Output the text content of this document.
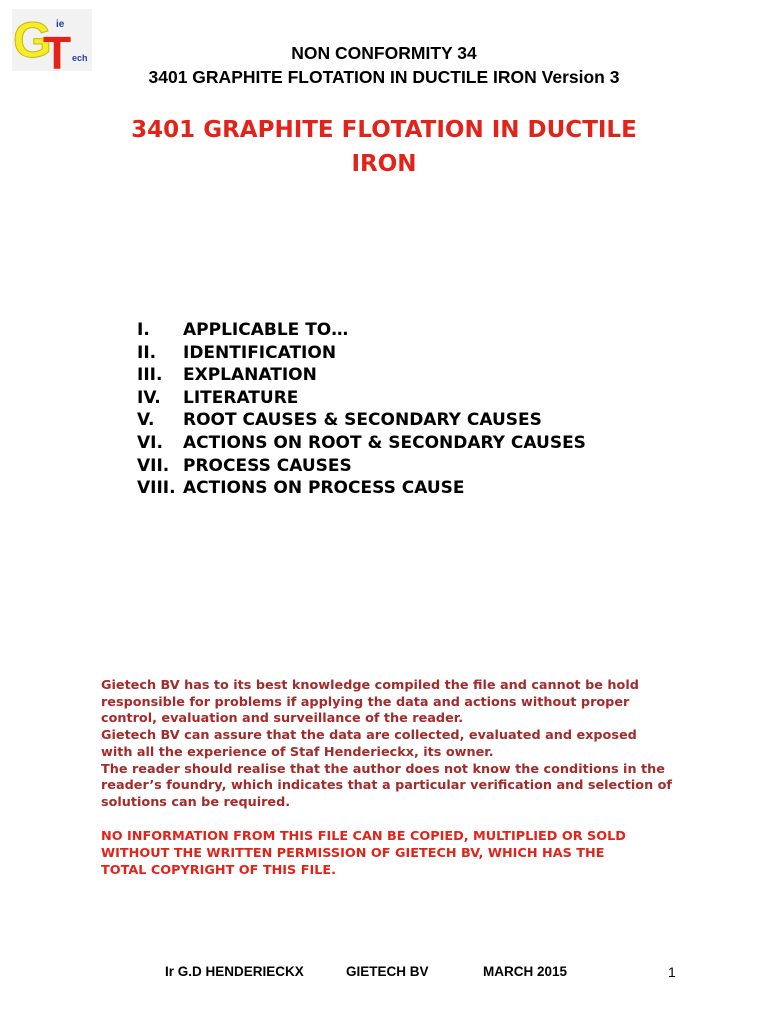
G
T
ie
ech	NON CONFORMITY 34
3401 GRAPHITE FLOTATION IN DUCTILE IRON Version 3
3401 GRAPHITE FLOTATION IN DUCTILE
IRON
I.	APPLICABLE TO…
II.	IDENTIFICATION
III.	EXPLANATION
IV.	LITERATURE
V.	ROOT CAUSES & SECONDARY CAUSES
VI.	ACTIONS ON ROOT & SECONDARY CAUSES
VII. PROCESS CAUSES
VIII. ACTIONS ON PROCESS CAUSE

Gietech BV has to its best knowledge compiled the file and cannot be hold

responsible for problems if applying the data and actions without proper

control, evaluation and surveillance of the reader.

Gietech BV can assure that the data are collected, evaluated and exposed

with all the experience of Staf Henderieckx, its owner.

The reader should realise that the author does not know the conditions in the

reader’s foundry, which indicates that a particular verification and selection of

solutions can be required.

NO INFORMATION FROM THIS FILE CAN BE COPIED, MULTIPLIED OR SOLD

WITHOUT THE WRITTEN PERMISSION OF GIETECH BV, WHICH HAS THE

TOTAL COPYRIGHT OF THIS FILE.

Ir G.D HENDERIECKX	GIETECH BV	MARCH 2015	1
